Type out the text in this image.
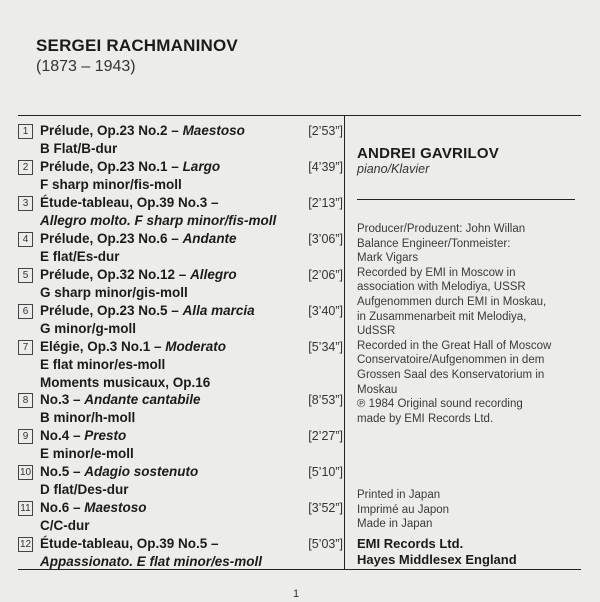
SERGEI RACHMANINOV
(1873 – 1943)
1 Prélude, Op.23 No.2 – Maestoso	[2’53”]
B Flat/B-dur
2 Prélude, Op.23 No.1 – Largo	[4’39”]
F sharp minor/fis-moll
3 Étude-tableau, Op.39 No.3 –	[2’13”]
Allegro molto. F sharp minor/fis-moll
4 Prélude, Op.23 No.6 – Andante	[3’06”]
E flat/Es-dur
5 Prélude, Op.32 No.12 – Allegro	[2’06”]
G sharp minor/gis-moll
6 Prélude, Op.23 No.5 – Alla marcia	[3’40”]
G minor/g-moll
7 Elégie, Op.3 No.1 – Moderato	[5’34”]
E flat minor/es-moll
Moments musicaux, Op.16
8 No.3 – Andante cantabile	[8’53”]
B minor/h-moll
9 No.4 – Presto	[2’27”]
E minor/e-moll
10 No.5 – Adagio sostenuto	[5’10”]
D flat/Des-dur
11 No.6 – Maestoso	[3’52”]
C/C-dur
12 Étude-tableau, Op.39 No.5 –	[5’03”]
Appassionato. E flat minor/es-moll
ANDREI GAVRILOV
piano/Klavier
Producer/Produzent: John Willan
Balance Engineer/Tonmeister:
Mark Vigars
Recorded by EMI in Moscow in
association with Melodiya, USSR
Aufgenommen durch EMI in Moskau,
in Zusammenarbeit mit Melodiya,
UdSSR
Recorded in the Great Hall of Moscow
Conservatoire/Aufgenommen in dem
Grossen Saal des Konservatorium in
Moskau
℗ 1984 Original sound recording
made by EMI Records Ltd.
Printed in Japan
Imprimé au Japon
Made in Japan
EMI Records Ltd.
Hayes Middlesex England
1
